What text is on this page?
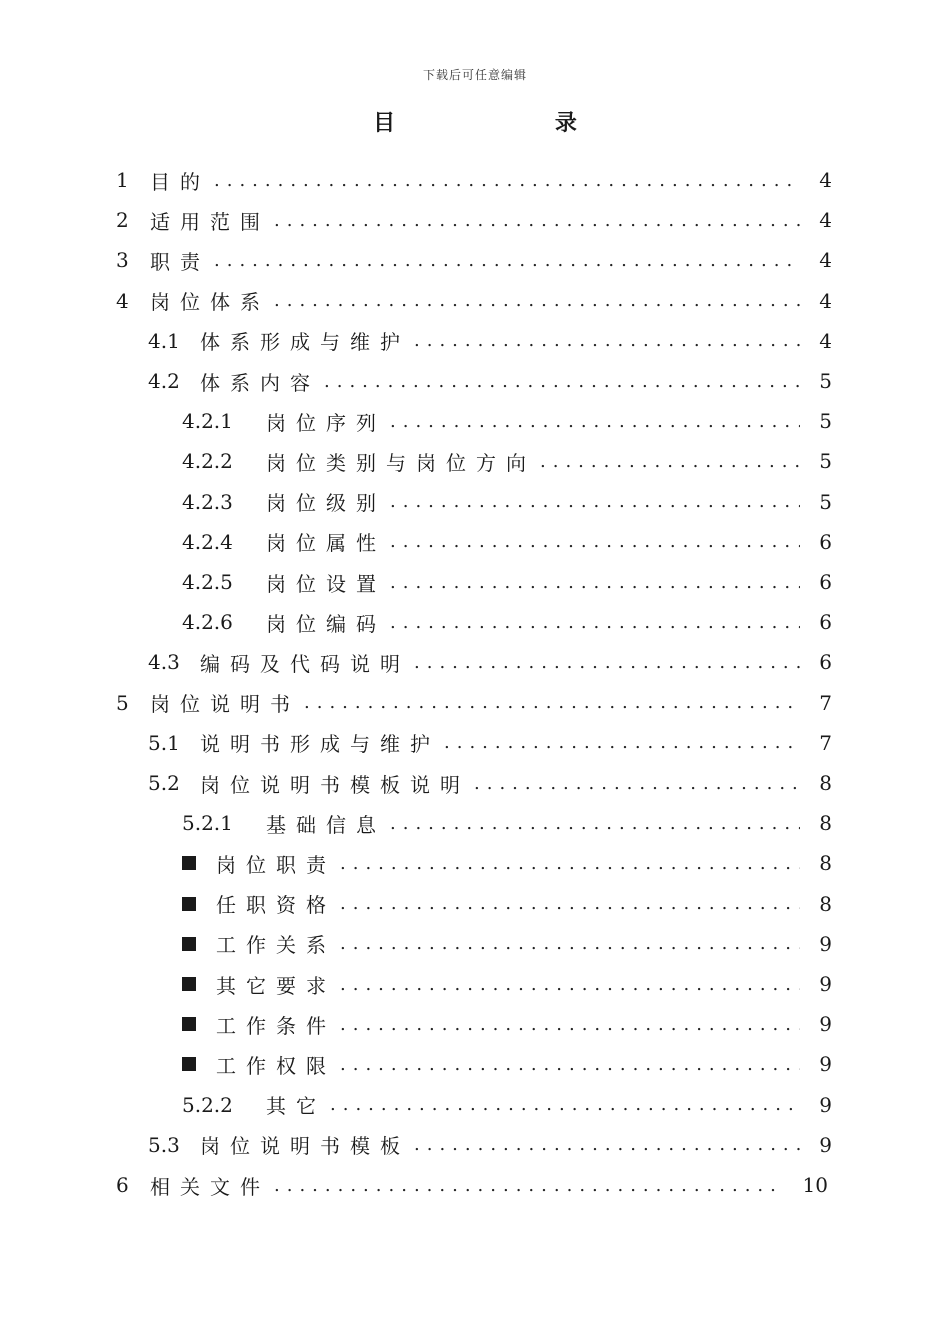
下载后可任意编辑
目 录
1	目的 .....	4
2	适用范围 .....	4
3	职责 .....	4
4	岗位体系 .....	4
4.1	体系形成与维护 .....	4
4.2	体系内容 .....	5
4.2.1	岗位序列 .....	5
4.2.2	岗位类别与岗位方向 .....	5
4.2.3	岗位级别 .....	5
4.2.4	岗位属性 .....	6
4.2.5	岗位设置 .....	6
4.2.6	岗位编码 .....	6
4.3	编码及代码说明 .....	6
5	岗位说明书 .....	7
5.1	说明书形成与维护 .....	7
5.2	岗位说明书模板说明 .....	8
5.2.1	基础信息 .....	8
岗位职责 .....	8
任职资格 .....	8
工作关系 .....	9
其它要求 .....	9
工作条件 .....	9
工作权限 .....	9
5.2.2	其它 .....	9
5.3	岗位说明书模板 .....	9
6	相关文件 .....	10
